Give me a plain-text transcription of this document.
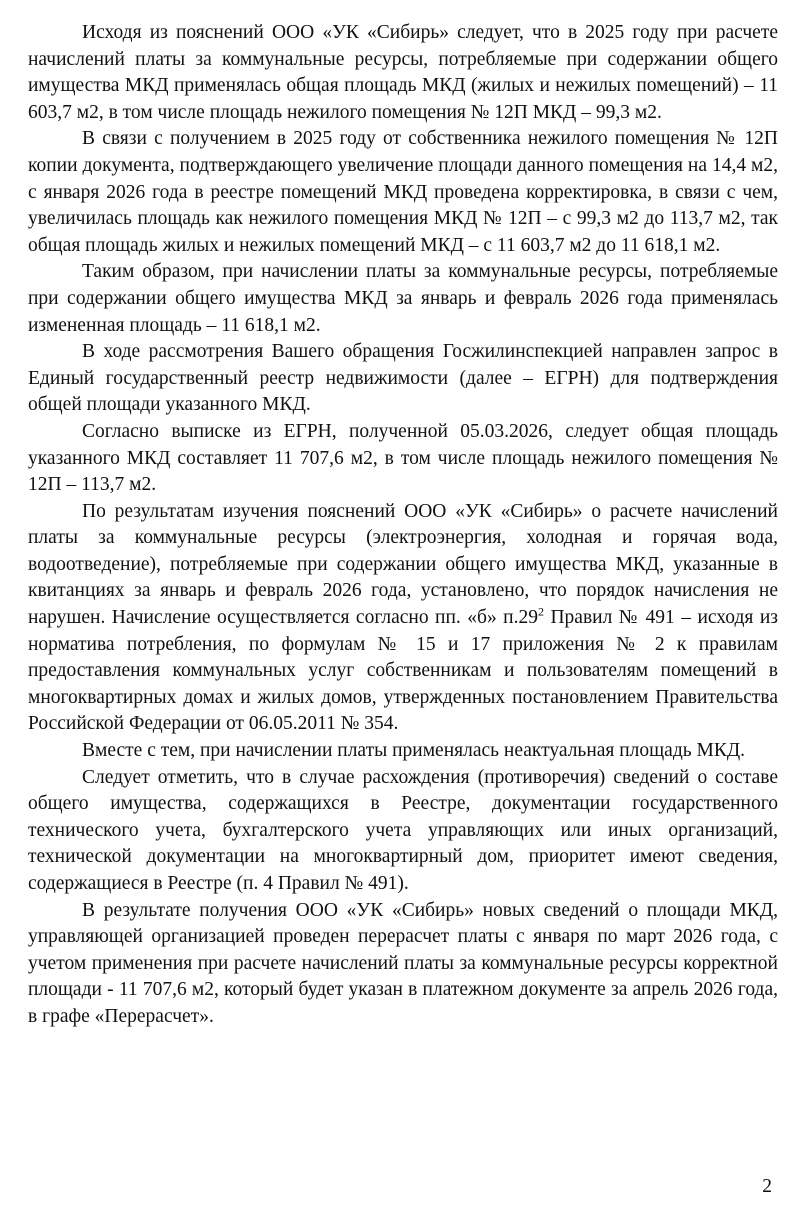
Исходя из пояснений ООО «УК «Сибирь» следует, что в 2025 году при расчете начислений платы за коммунальные ресурсы, потребляемые при содержании общего имущества МКД применялась общая площадь МКД (жилых и нежилых помещений) – 11 603,7 м2, в том числе площадь нежилого помещения № 12П МКД – 99,3 м2.

В связи с получением в 2025 году от собственника нежилого помещения № 12П копии документа, подтверждающего увеличение площади данного помещения на 14,4 м2, с января 2026 года в реестре помещений МКД проведена корректировка, в связи с чем, увеличилась площадь как нежилого помещения МКД № 12П – с 99,3 м2 до 113,7 м2, так общая площадь жилых и нежилых помещений МКД – с 11 603,7 м2 до 11 618,1 м2.

Таким образом, при начислении платы за коммунальные ресурсы, потребляемые при содержании общего имущества МКД за январь и февраль 2026 года применялась измененная площадь – 11 618,1 м2.

В ходе рассмотрения Вашего обращения Госжилинспекцией направлен запрос в Единый государственный реестр недвижимости (далее – ЕГРН) для подтверждения общей площади указанного МКД.

Согласно выписке из ЕГРН, полученной 05.03.2026, следует общая площадь указанного МКД составляет 11 707,6 м2, в том числе площадь нежилого помещения № 12П – 113,7 м2.

По результатам изучения пояснений ООО «УК «Сибирь» о расчете начислений платы за коммунальные ресурсы (электроэнергия, холодная и горячая вода, водоотведение), потребляемые при содержании общего имущества МКД, указанные в квитанциях за январь и февраль 2026 года, установлено, что порядок начисления не нарушен. Начисление осуществляется согласно пп. «б» $п.29^2$ Правил № 491 – исходя из норматива потребления, по формулам № 15 и 17 приложения № 2 к правилам предоставления коммунальных услуг собственникам и пользователям помещений в многоквартирных домах и жилых домов, утвержденных постановлением Правительства Российской Федерации от 06.05.2011 № 354.

Вместе с тем, при начислении платы применялась неактуальная площадь МКД.

Следует отметить, что в случае расхождения (противоречия) сведений о составе общего имущества, содержащихся в Реестре, документации государственного технического учета, бухгалтерского учета управляющих или иных организаций, технической документации на многоквартирный дом, приоритет имеют сведения, содержащиеся в Реестре (п. 4 Правил № 491).

В результате получения ООО «УК «Сибирь» новых сведений о площади МКД, управляющей организацией проведен перерасчет платы с января по март 2026 года, с учетом применения при расчете начислений платы за коммунальные ресурсы корректной площади - 11 707,6 м2, который будет указан в платежном документе за апрель 2026 года, в графе «Перерасчет».

2
